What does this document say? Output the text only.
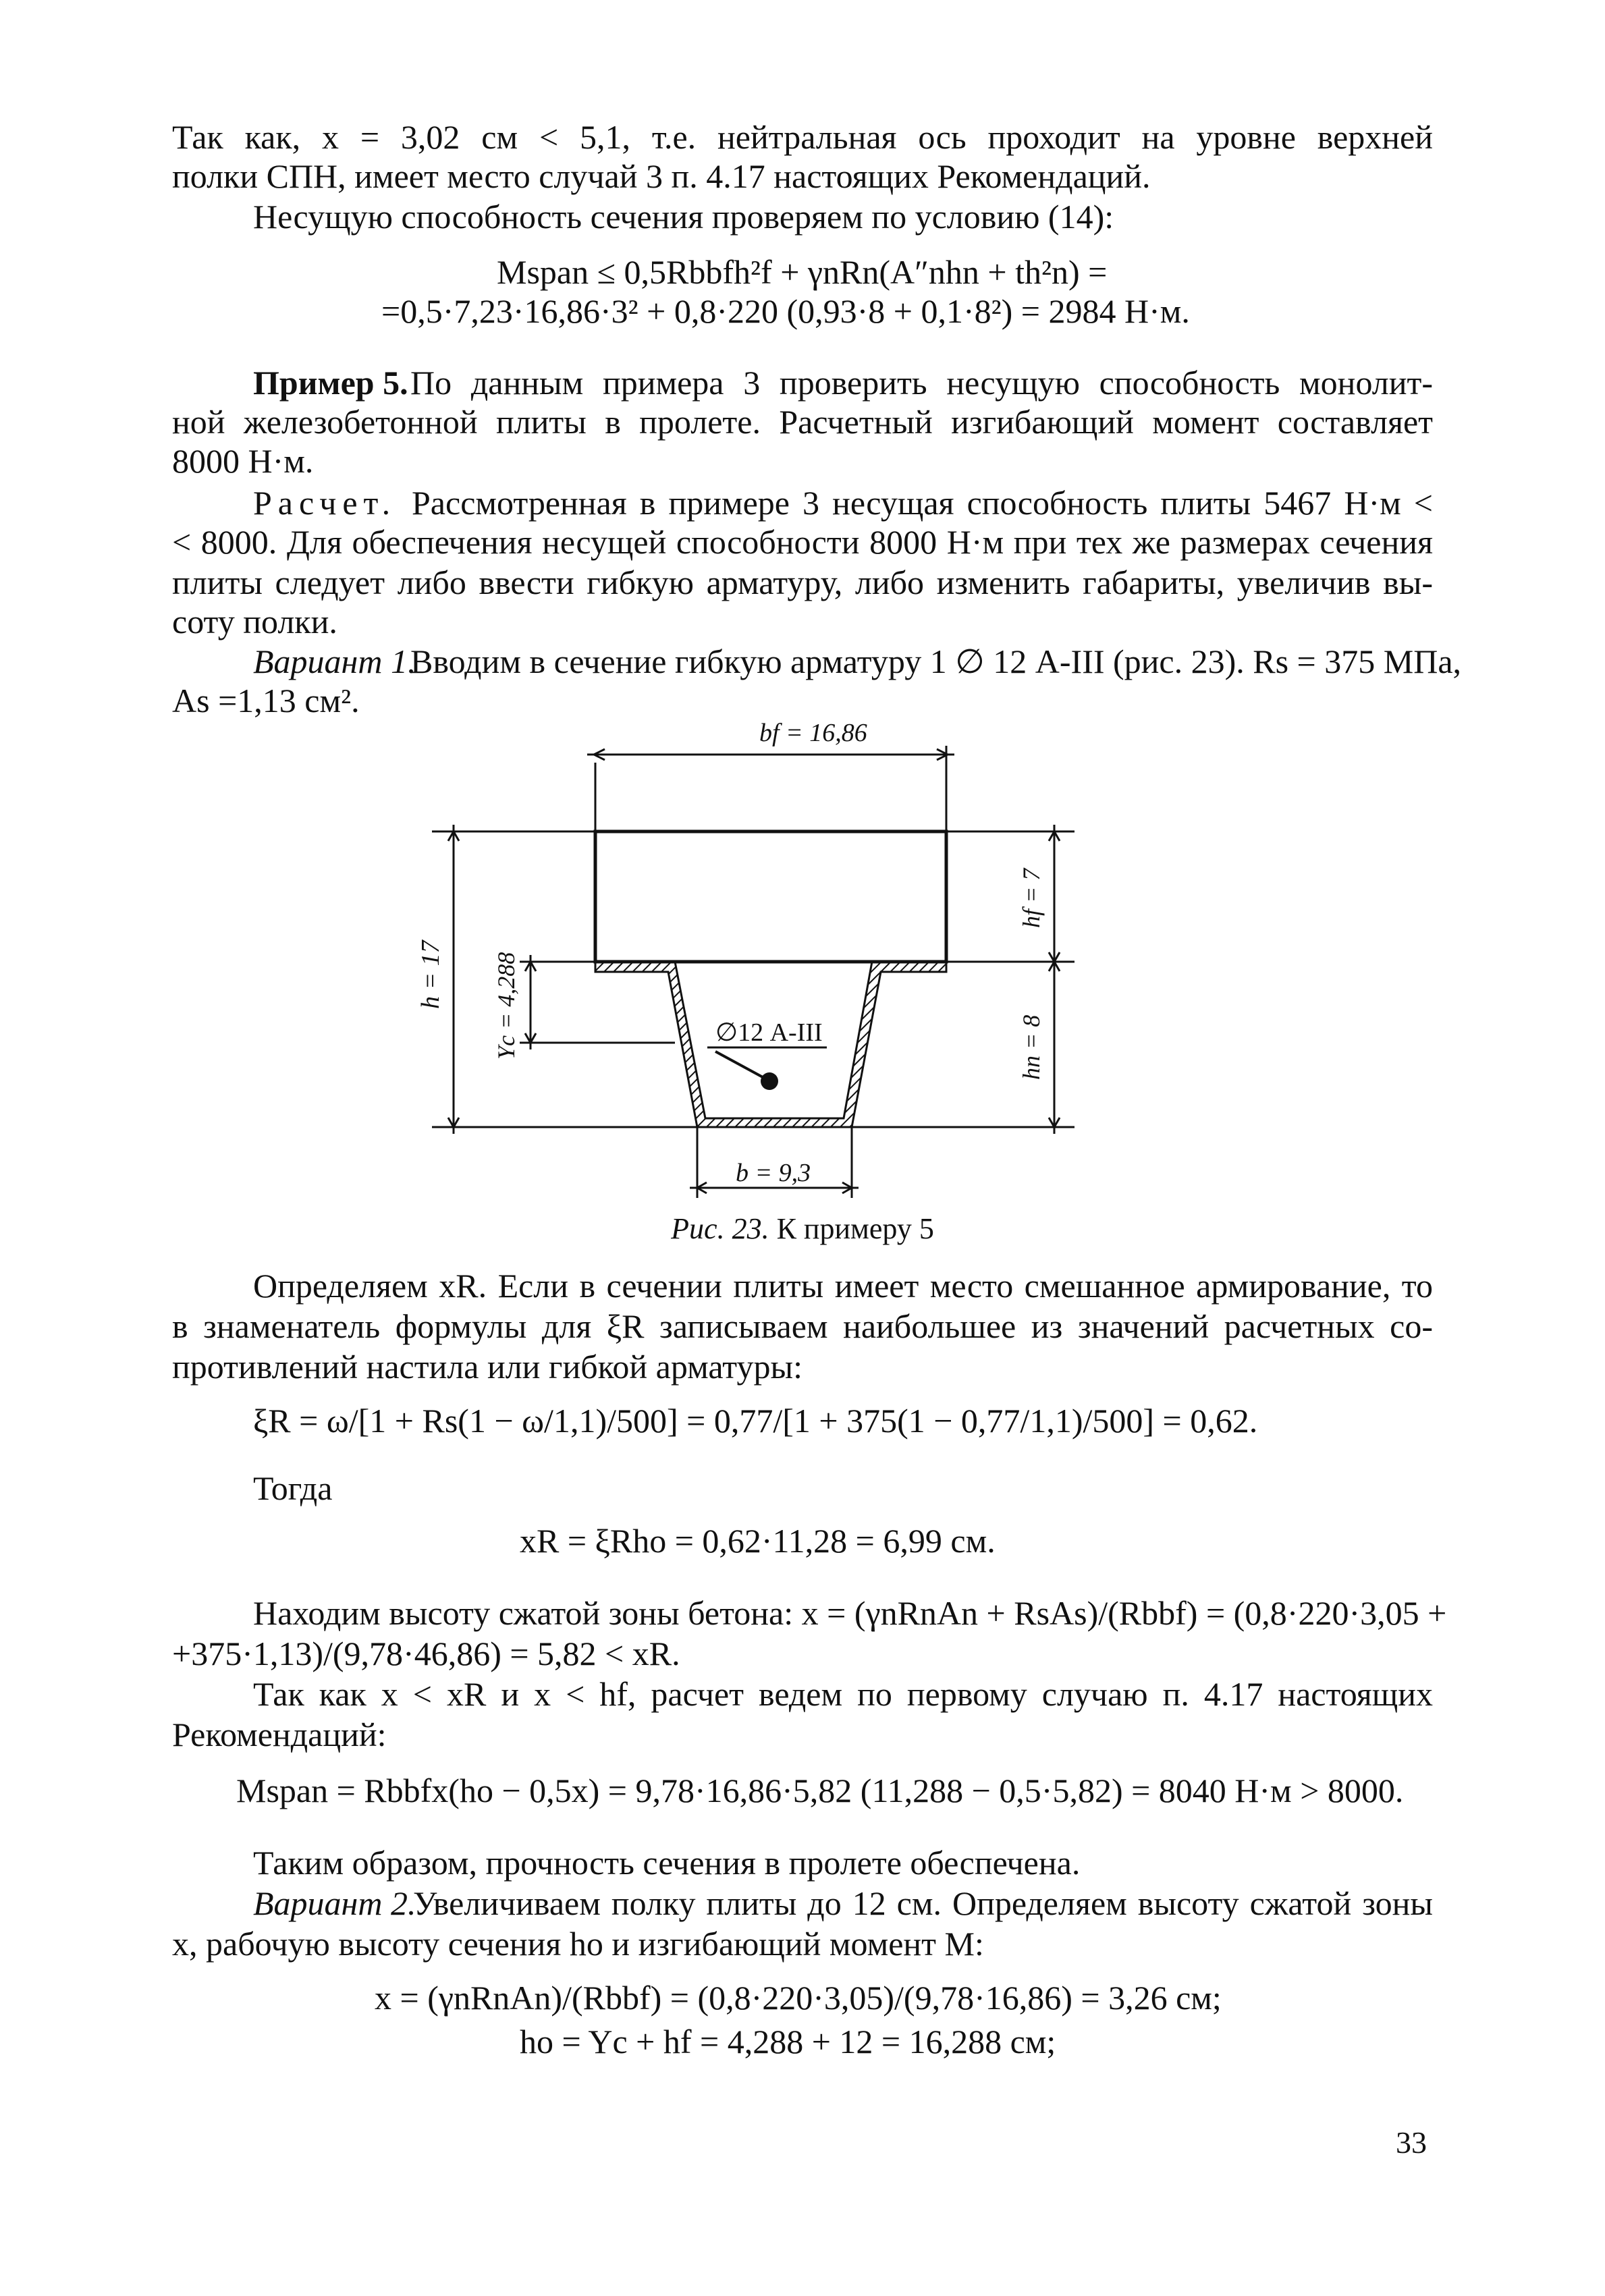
Так как, x = 3,02 см < 5,1, т.е. нейтральная ось проходит на уровне верхней
полки СПН, имеет место случай 3 п. 4.17 настоящих Рекомендаций.
Несущую способность сечения проверяем по условию (14):
Mspan ≤ 0,5Rbbfh²f + γnRn(A″nhn + th²n) =
=0,5·7,23·16,86·3² + 0,8·220 (0,93·8 + 0,1·8²) = 2984 Н·м.
Пример 5. По данным примера 3 проверить несущую способность монолит-
ной железобетонной плиты в пролете. Расчетный изгибающий момент составляет
8000 Н·м.
Расчет. Рассмотренная в примере 3 несущая способность плиты 5467 Н·м <
< 8000. Для обеспечения несущей способности 8000 Н·м при тех же размерах сечения
плиты следует либо ввести гибкую арматуру, либо изменить габариты, увеличив вы-
соту полки.
Вариант 1.
Вводим в сечение гибкую арматуру 1 ∅ 12 А-III (рис. 23). Rs = 375 МПа,
As =1,13 см².
bf = 16,86
∅12 А-III
h = 17 Yc = 4,288
hf = 7
hn = 8
b = 9,3
Рис. 23. К примеру 5
Определяем xR. Если в сечении плиты имеет место смешанное армирование, то
в знаменатель формулы для ξR записываем наибольшее из значений расчетных со-
противлений настила или гибкой арматуры:
ξR = ω/[1 + Rs(1 − ω/1,1)/500] = 0,77/[1 + 375(1 − 0,77/1,1)/500] = 0,62.
Тогда
xR = ξRho = 0,62·11,28 = 6,99 см.
Находим высоту сжатой зоны бетона: x = (γnRnAn + RsAs)/(Rbbf) = (0,8·220·3,05 +
+375·1,13)/(9,78·46,86) = 5,82 < xR.
Так как x < xR и x < hf, расчет ведем по первому случаю п. 4.17 настоящих
Рекомендаций:
Mspan = Rbbfx(ho − 0,5x) = 9,78·16,86·5,82 (11,288 − 0,5·5,82) = 8040 Н·м > 8000.
Таким образом, прочность сечения в пролете обеспечена.
Вариант 2.
Увеличиваем полку плиты до 12 см. Определяем высоту сжатой зоны
x, рабочую высоту сечения ho и изгибающий момент M:
x = (γnRnAn)/(Rbbf) = (0,8·220·3,05)/(9,78·16,86) = 3,26 см;
ho = Yc + hf = 4,288 + 12 = 16,288 см;
33
